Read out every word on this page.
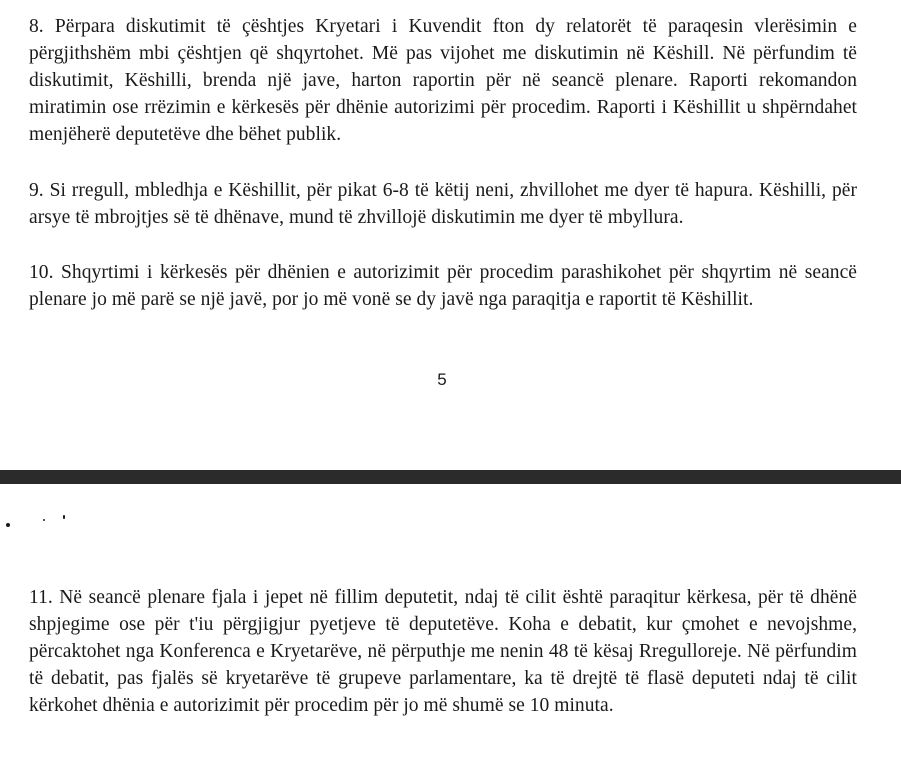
8. Përpara diskutimit të çështjes Kryetari i Kuvendit fton dy relatorët të paraqesin vlerësimin e përgjithshëm mbi çështjen që shqyrtohet. Më pas vijohet me diskutimin në Këshill. Në përfundim të diskutimit, Këshilli, brenda një jave, harton raportin për në seancë plenare. Raporti rekomandon miratimin ose rrëzimin e kërkesës për dhënie autorizimi për procedim. Raporti i Këshillit u shpërndahet menjëherë deputetëve dhe bëhet publik.

9. Si rregull, mbledhja e Këshillit, për pikat 6-8 të këtij neni, zhvillohet me dyer të hapura. Këshilli, për arsye të mbrojtjes së të dhënave, mund të zhvillojë diskutimin me dyer të mbyllura.

10. Shqyrtimi i kërkesës për dhënien e autorizimit për procedim parashikohet për shqyrtim në seancë plenare jo më parë se një javë, por jo më vonë se dy javë nga paraqitja e raportit të Këshillit.

5

11. Në seancë plenare fjala i jepet në fillim deputetit, ndaj të cilit është paraqitur kërkesa, për të dhënë shpjegime ose për t'iu përgjigjur pyetjeve të deputetëve. Koha e debatit, kur çmohet e nevojshme, përcaktohet nga Konferenca e Kryetarëve, në përputhje me nenin 48 të kësaj Rregulloreje. Në përfundim të debatit, pas fjalës së kryetarëve të grupeve parlamentare, ka të drejtë të flasë deputeti ndaj të cilit kërkohet dhënia e autorizimit për procedim për jo më shumë se 10 minuta.
